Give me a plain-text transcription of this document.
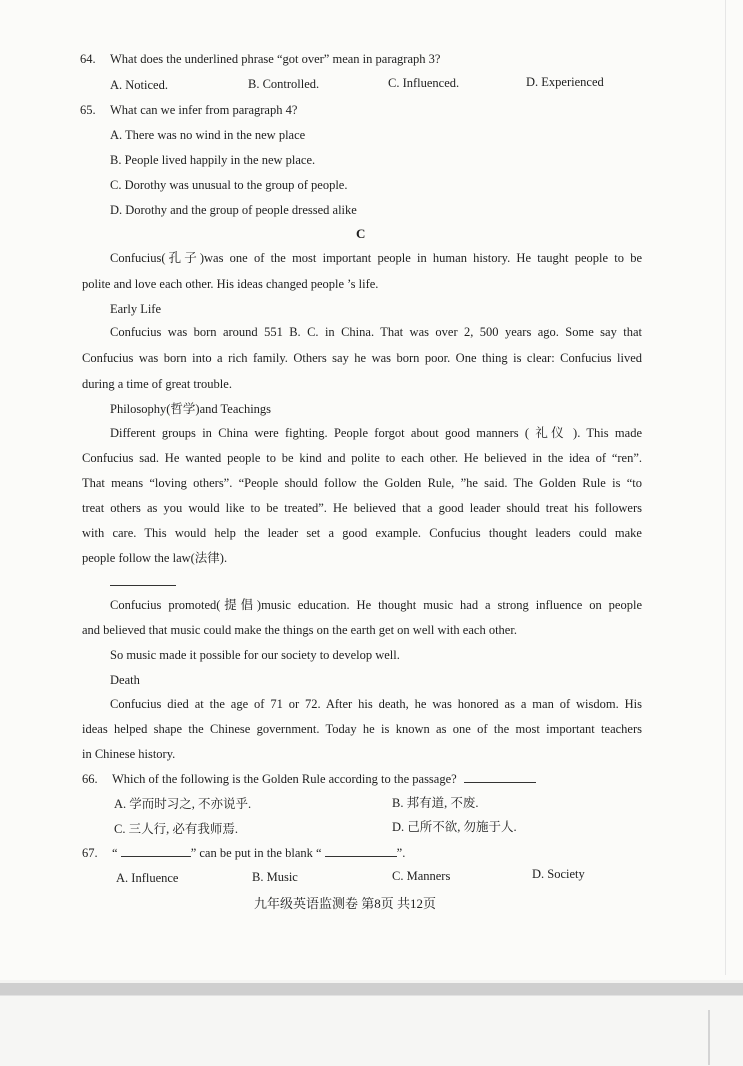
64. What does the underlined phrase “got over” mean in paragraph 3?
A. Noticed.	B. Controlled.	C. Influenced.	D. Experienced
65. What can we infer from paragraph 4?
A. There was no wind in the new place
B. People lived happily in the new place.
C. Dorothy was unusual to the group of people.
D. Dorothy and the group of people dressed alike
C
Confucius(孔子)was one of the most important people in human history. He taught people to be
polite and love each other. His ideas changed people ’s life.
Early Life
Confucius was born around 551 B. C. in China. That was over 2, 500 years ago. Some say that
Confucius was born into a rich family. Others say he was born poor. One thing is clear: Confucius lived
during a time of great trouble.
Philosophy(哲学)and Teachings
Different groups in China were fighting. People forgot about good manners ( 礼仪 ). This made
Confucius sad. He wanted people to be kind and polite to each other. He believed in the idea of “ren”.
That means “loving others”. “People should follow the Golden Rule, ”he said. The Golden Rule is “to
treat others as you would like to be treated”. He believed that a good leader should treat his followers
with care. This would help the leader set a good example. Confucius thought leaders could make
people follow the law(法律).
Confucius promoted(提倡)music education. He thought music had a strong influence on people
and believed that music could make the things on the earth get on well with each other.
So music made it possible for our society to develop well.
Death
Confucius died at the age of 71 or 72. After his death, he was honored as a man of wisdom. His
ideas helped shape the Chinese government. Today he is known as one of the most important teachers
in Chinese history.
66. Which of the following is the Golden Rule according to the passage?
A. 学而时习之, 不亦说乎.	B. 邦有道, 不废.
C. 三人行, 必有我师焉.	D. 己所不欲, 勿施于人.
67. “	” can be put in the blank “	”.
A. Influence	B. Music	C. Manners	D. Society
九年级英语监测卷 第8页 共12页
